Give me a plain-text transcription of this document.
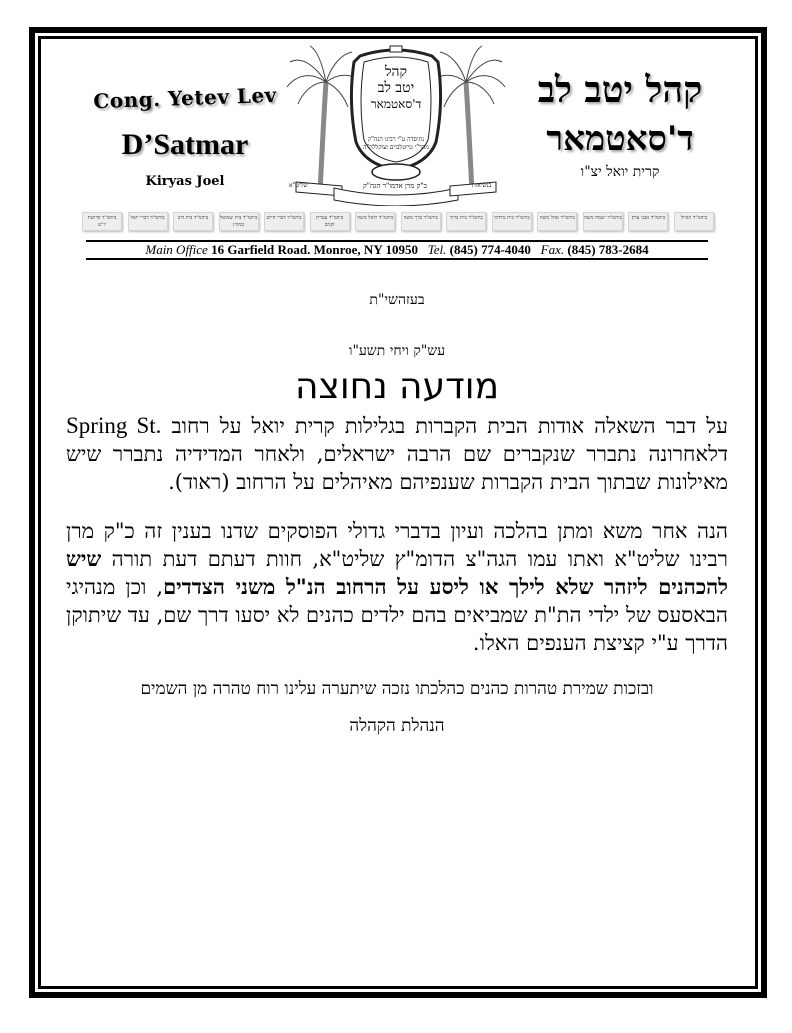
Cong. Yetev Lev
D’Satmar
Kiryas Joel
קהל
יטב לב
ד'סאטמאר
נתיסדה ע"י רבינו הגה"ק
מהר"י טייטלבוים זצוקללה"ה
כ"ק מרן אדמו"ר הגה"ק
שליט"א	בנשיאות
קהל יטב לב
ד'סאטמאר
קרית יואל יצ"ו
ביהמ"ד הגדול
ביהמ"ד אבני צדק
ביהמ"ד ישמח משה
ביהמ"ד אהל משה
ביהמ"ד בית מרדכי
ביהמ"ד בית ברוך
ביהמ"ד ברך משה
ביהמ"ד ויואל משה
ביהמ"ד עטרת זקנים
ביהמ"ד דברי חיים
ביהמ"ד בית שמואל בנימין
ביהמ"ד בית דוב
ביהמ"ד דברי יואל
ביהמ"ד קדושת יו"ט
Main Office 16 Garfield Road. Monroe, NY 10950 Tel. (845) 774-4040 Fax. (845) 783-2684
בעזהשי"ת
עש"ק ויחי תשע"ו
מודעה נחוצה

על דבר השאלה אודות הבית הקברות בגלילות קרית יואל על רחוב Spring St. דלאחרונה נתברר שנקברים שם הרבה ישראלים, ולאחר המדידיה נתברר שיש מאילונות שבתוך הבית הקברות שענפיהם מאיהלים על הרחוב (ראוד).

הנה אחר משא ומתן בהלכה ועיון בדברי גדולי הפוסקים שדנו בענין זה כ"ק מרן רבינו שליט"א ואתו עמו הגה"צ הדומ"ץ שליט"א, חוות דעתם דעת תורה שיש להכהנים ליזהר שלא לילך או ליסע על הרחוב הנ"ל משני הצדדים, וכן מנהיגי הבאסעס של ילדי הת"ת שמביאים בהם ילדים כהנים לא יסעו דרך שם, עד שיתוקן הדרך ע"י קציצת הענפים האלו.

ובזכות שמירת טהרות כהנים כהלכתו נזכה שיתערה עלינו רוח טהרה מן השמים
הנהלת הקהלה
